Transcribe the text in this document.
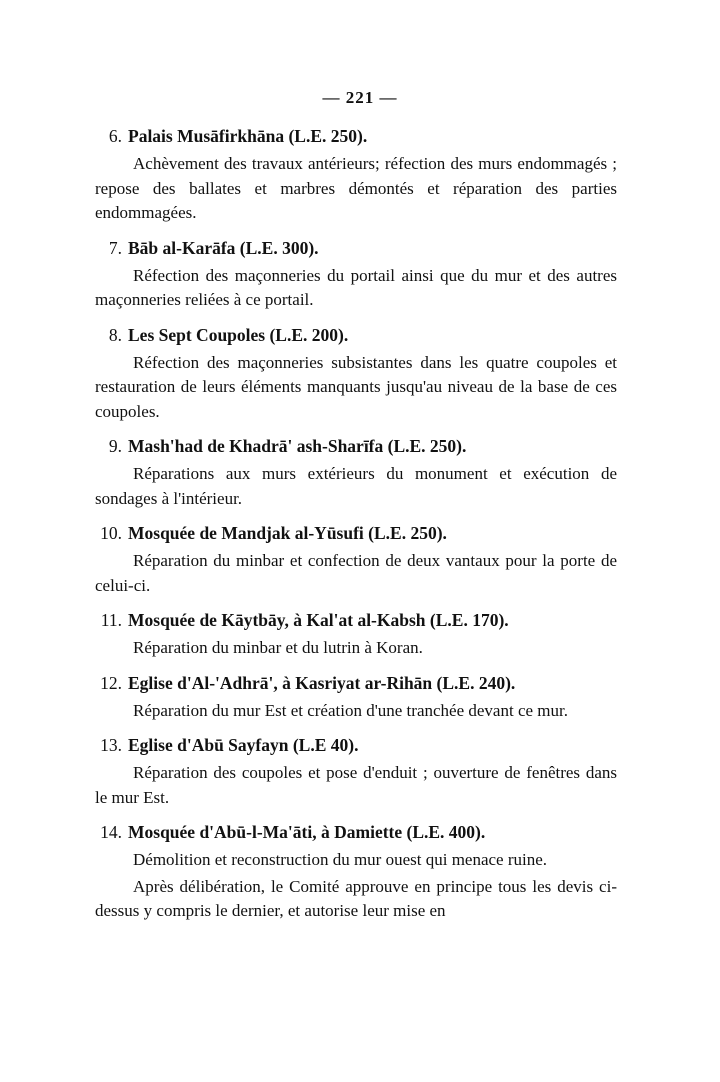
— 221 —
6. Palais Musāfirkhāna (L.E. 250).

Achèvement des travaux antérieurs; réfection des murs endommagés ; repose des ballates et marbres démontés et réparation des parties endommagées.

7. Bāb al-Karāfa (L.E. 300).

Réfection des maçonneries du portail ainsi que du mur et des autres maçonneries reliées à ce portail.

8. Les Sept Coupoles (L.E. 200).

Réfection des maçonneries subsistantes dans les quatre coupoles et restauration de leurs éléments manquants jusqu'au niveau de la base de ces coupoles.

9. Mash'had de Khadrā' ash-Sharīfa (L.E. 250).

Réparations aux murs extérieurs du monument et exécution de sondages à l'intérieur.

10. Mosquée de Mandjak al-Yūsufi (L.E. 250).

Réparation du minbar et confection de deux vantaux pour la porte de celui-ci.

11. Mosquée de Kāytbāy, à Kal'at al-Kabsh (L.E. 170).

Réparation du minbar et du lutrin à Koran.

12. Eglise d'Al-'Adhrā', à Kasriyat ar-Rihān (L.E. 240).

Réparation du mur Est et création d'une tranchée devant ce mur.

13. Eglise d'Abū Sayfayn (L.E 40).

Réparation des coupoles et pose d'enduit ; ouverture de fenêtres dans le mur Est.

14. Mosquée d'Abū-l-Ma'āti, à Damiette (L.E. 400).

Démolition et reconstruction du mur ouest qui menace ruine.

Après délibération, le Comité approuve en principe tous les devis ci-dessus y compris le dernier, et autorise leur mise en
